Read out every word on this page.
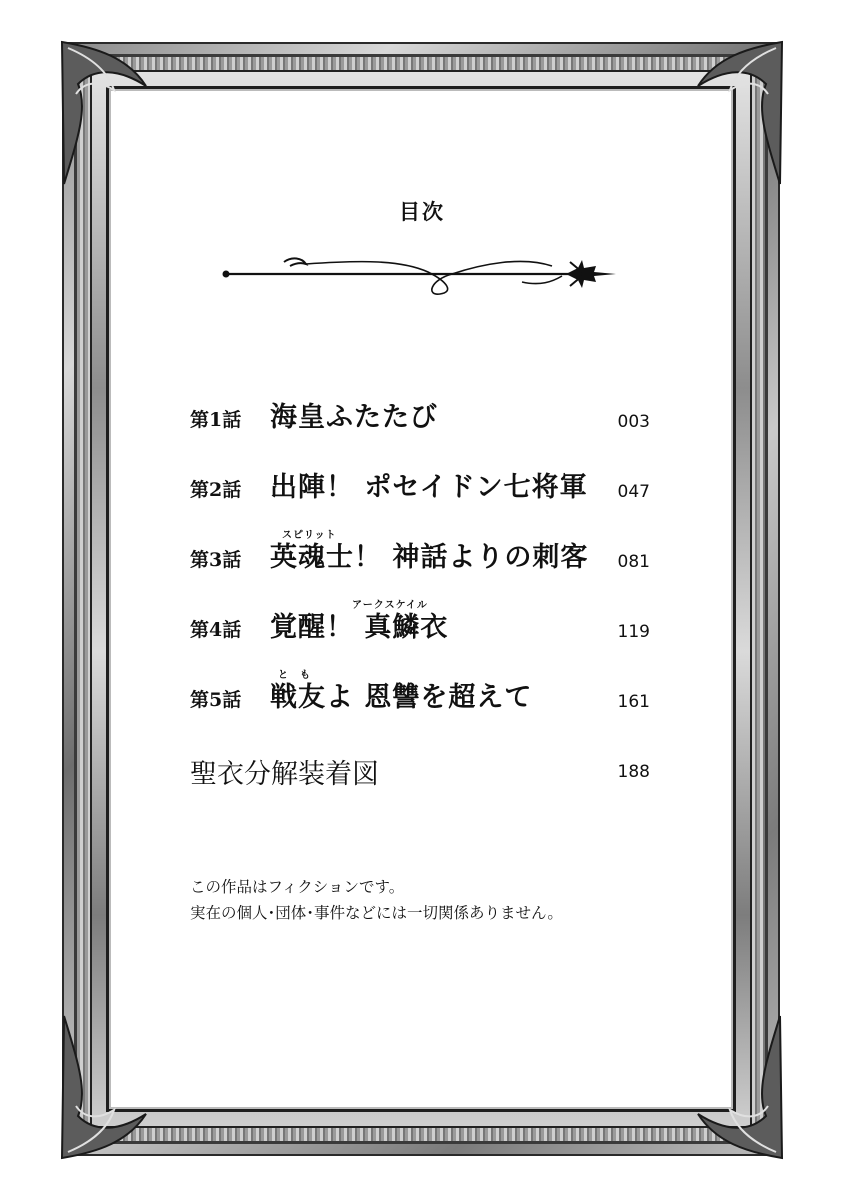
目次
第1話 海皇ふたたび	003
第2話 出陣！ ポセイドン七将軍 047
スピリット
第3話 英魂士！ 神話よりの刺客 081
アークスケイル
第4話 覚醒！ 真鱗衣	119
と　も
第5話 戦友よ 恩讐を超えて	161
聖衣分解装着図	188
この作品はフィクションです。
実在の個人･団体･事件などには一切関係ありません。
